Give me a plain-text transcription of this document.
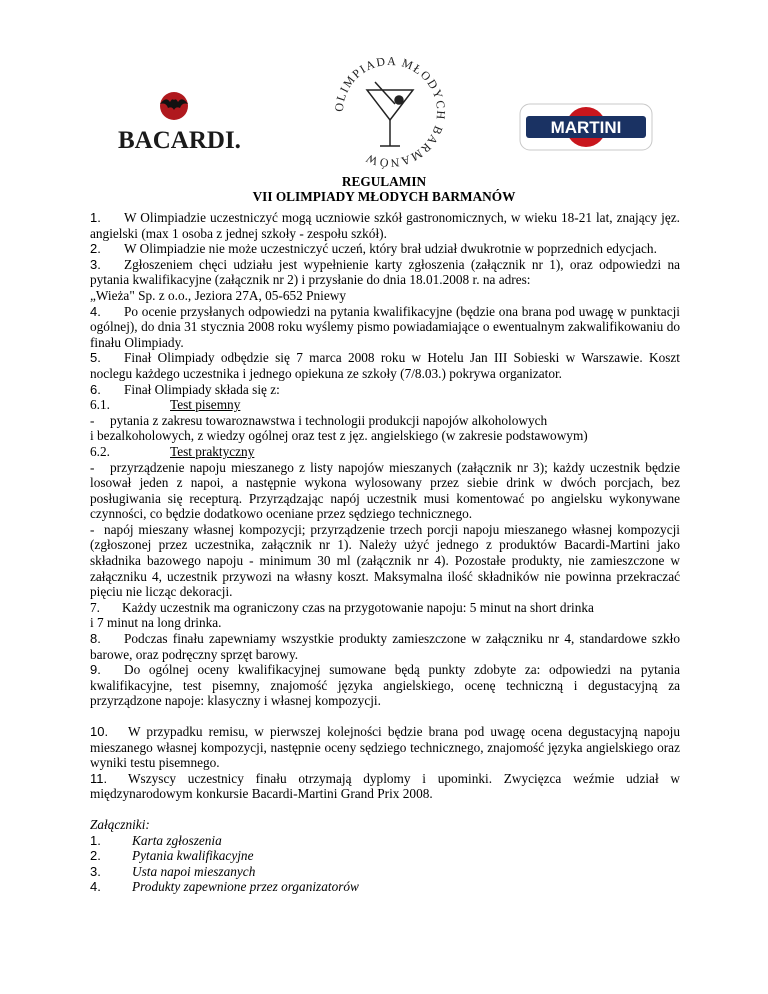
BACARDI.
OLIMPIADA MŁODYCH BARMANÓW
MARTINI
REGULAMIN
VII OLIMPIADY MŁODYCH BARMANÓW

1. W Olimpiadzie uczestniczyć mogą uczniowie szkół gastronomicznych, w wieku 18-21 lat, znający jęz. angielski (max 1 osoba z jednej szkoły - zespołu szkół).

2. W Olimpiadzie nie może uczestniczyć uczeń, który brał udział dwukrotnie w poprzednich edycjach.

3. Zgłoszeniem chęci udziału jest wypełnienie karty zgłoszenia (załącznik nr 1), oraz odpowiedzi na pytania kwalifikacyjne (załącznik nr 2) i przysłanie do dnia 18.01.2008 r. na adres:

„Wieża" Sp. z o.o., Jeziora 27A, 05-652 Pniewy

4. Po ocenie przysłanych odpowiedzi na pytania kwalifikacyjne (będzie ona brana pod uwagę w punktacji ogólnej), do dnia 31 stycznia 2008 roku wyślemy pismo powiadamiające o ewentualnym zakwalifikowaniu do finału Olimpiady.

5. Finał Olimpiady odbędzie się 7 marca 2008 roku w Hotelu Jan III Sobieski w Warszawie. Koszt noclegu każdego uczestnika i jednego opiekuna ze szkoły (7/8.03.) pokrywa organizator.

6. Finał Olimpiady składa się z:

6.1.	Test pisemny

- pytania z zakresu towaroznawstwa i technologii produkcji napojów alkoholowych

i bezalkoholowych, z wiedzy ogólnej oraz test z jęz. angielskiego (w zakresie podstawowym)

6.2.	Test praktyczny

- przyrządzenie napoju mieszanego z listy napojów mieszanych (załącznik nr 3); każdy uczestnik będzie losował jeden z napoi, a następnie wykona wylosowany przez siebie drink w dwóch porcjach, bez posługiwania się recepturą. Przyrządzając napój uczestnik musi komentować po angielsku wykonywane czynności, co będzie dodatkowo oceniane przez sędziego technicznego.

- napój mieszany własnej kompozycji; przyrządzenie trzech porcji napoju mieszanego własnej kompozycji (zgłoszonej przez uczestnika, załącznik nr 1). Należy użyć jednego z produktów Bacardi-Martini jako składnika bazowego napoju - minimum 30 ml (załącznik nr 4). Pozostałe produkty, nie zamieszczone w załączniku 4, uczestnik przywozi na własny koszt. Maksymalna ilość składników nie powinna przekraczać pięciu nie licząc dekoracji.

7. Każdy uczestnik ma ograniczony czas na przygotowanie napoju: 5 minut na short drinka

i 7 minut na long drinka.

8. Podczas finału zapewniamy wszystkie produkty zamieszczone w załączniku nr 4, standardowe szkło barowe, oraz podręczny sprzęt barowy.

9. Do ogólnej oceny kwalifikacyjnej sumowane będą punkty zdobyte za: odpowiedzi na pytania kwalifikacyjne, test pisemny, znajomość języka angielskiego, ocenę techniczną i degustacyjną za przyrządzone napoje: klasyczny i własnej kompozycji.

10. W przypadku remisu, w pierwszej kolejności będzie brana pod uwagę ocena degustacyjną napoju mieszanego własnej kompozycji, następnie oceny sędziego technicznego, znajomość języka angielskiego oraz wyniki testu pisemnego.

11. Wszyscy uczestnicy finału otrzymają dyplomy i upominki. Zwycięzca weźmie udział w międzynarodowym konkursie Bacardi-Martini Grand Prix 2008.

Załączniki:

1.	Karta zgłoszenia
2.	Pytania kwalifikacyjne
3.	Usta napoi mieszanych
4.	Produkty zapewnione przez organizatorów
